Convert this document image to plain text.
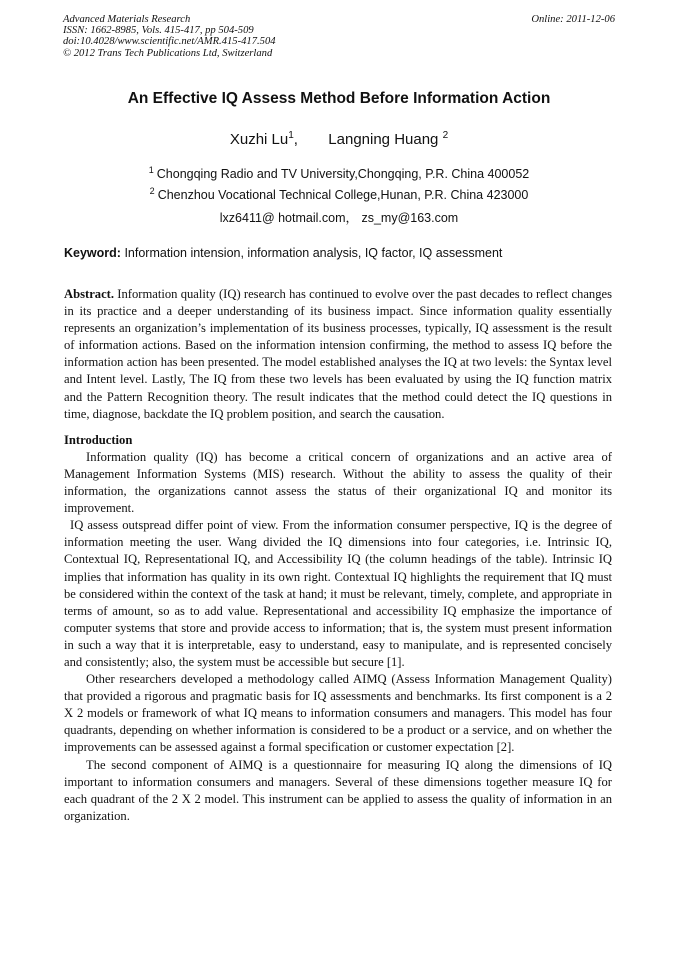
Advanced Materials Research
ISSN: 1662-8985, Vols. 415-417, pp 504-509
doi:10.4028/www.scientific.net/AMR.415-417.504
© 2012 Trans Tech Publications Ltd, Switzerland
Online: 2011-12-06
An Effective IQ Assess Method Before Information Action
Xuzhi Lu$^1$, Langning Huang $^2$
$^1$ Chongqing Radio and TV University,Chongqing, P.R. China 400052
$^2$ Chenzhou Vocational Technical College,Hunan, P.R. China 423000
lxz6411@ hotmail.com， zs_my@163.com
Keyword: Information intension, information analysis, IQ factor, IQ assessment

Abstract. Information quality (IQ) research has continued to evolve over the past decades to reflect changes in its practice and a deeper understanding of its business impact. Since information quality essentially represents an organization’s implementation of its business processes, typically, IQ assessment is the result of information actions. Based on the information intension confirming, the method to assess IQ before the information action has been presented. The model established analyses the IQ at two levels: the Syntax level and Intent level. Lastly, The IQ from these two levels has been evaluated by using the IQ function matrix and the Pattern Recognition theory. The result indicates that the method could detect the IQ questions in time, diagnose, backdate the IQ problem position, and search the causation.

Introduction

Information quality (IQ) has become a critical concern of organizations and an active area of Management Information Systems (MIS) research. Without the ability to assess the quality of their information, the organizations cannot assess the status of their organizational IQ and monitor its improvement.

IQ assess outspread differ point of view. From the information consumer perspective, IQ is the degree of information meeting the user. Wang divided the IQ dimensions into four categories, i.e. Intrinsic IQ, Contextual IQ, Representational IQ, and Accessibility IQ (the column headings of the table). Intrinsic IQ implies that information has quality in its own right. Contextual IQ highlights the requirement that IQ must be considered within the context of the task at hand; it must be relevant, timely, complete, and appropriate in terms of amount, so as to add value. Representational and accessibility IQ emphasize the importance of computer systems that store and provide access to information; that is, the system must present information in such a way that it is interpretable, easy to understand, easy to manipulate, and is represented concisely and consistently; also, the system must be accessible but secure [1].

Other researchers developed a methodology called AIMQ (Assess Information Management Quality) that provided a rigorous and pragmatic basis for IQ assessments and benchmarks. Its first component is a 2 X 2 models or framework of what IQ means to information consumers and managers. This model has four quadrants, depending on whether information is considered to be a product or a service, and on whether the improvements can be assessed against a formal specification or customer expectation [2].

The second component of AIMQ is a questionnaire for measuring IQ along the dimensions of IQ important to information consumers and managers. Several of these dimensions together measure IQ for each quadrant of the 2 X 2 model. This instrument can be applied to assess the quality of information in an organization.
